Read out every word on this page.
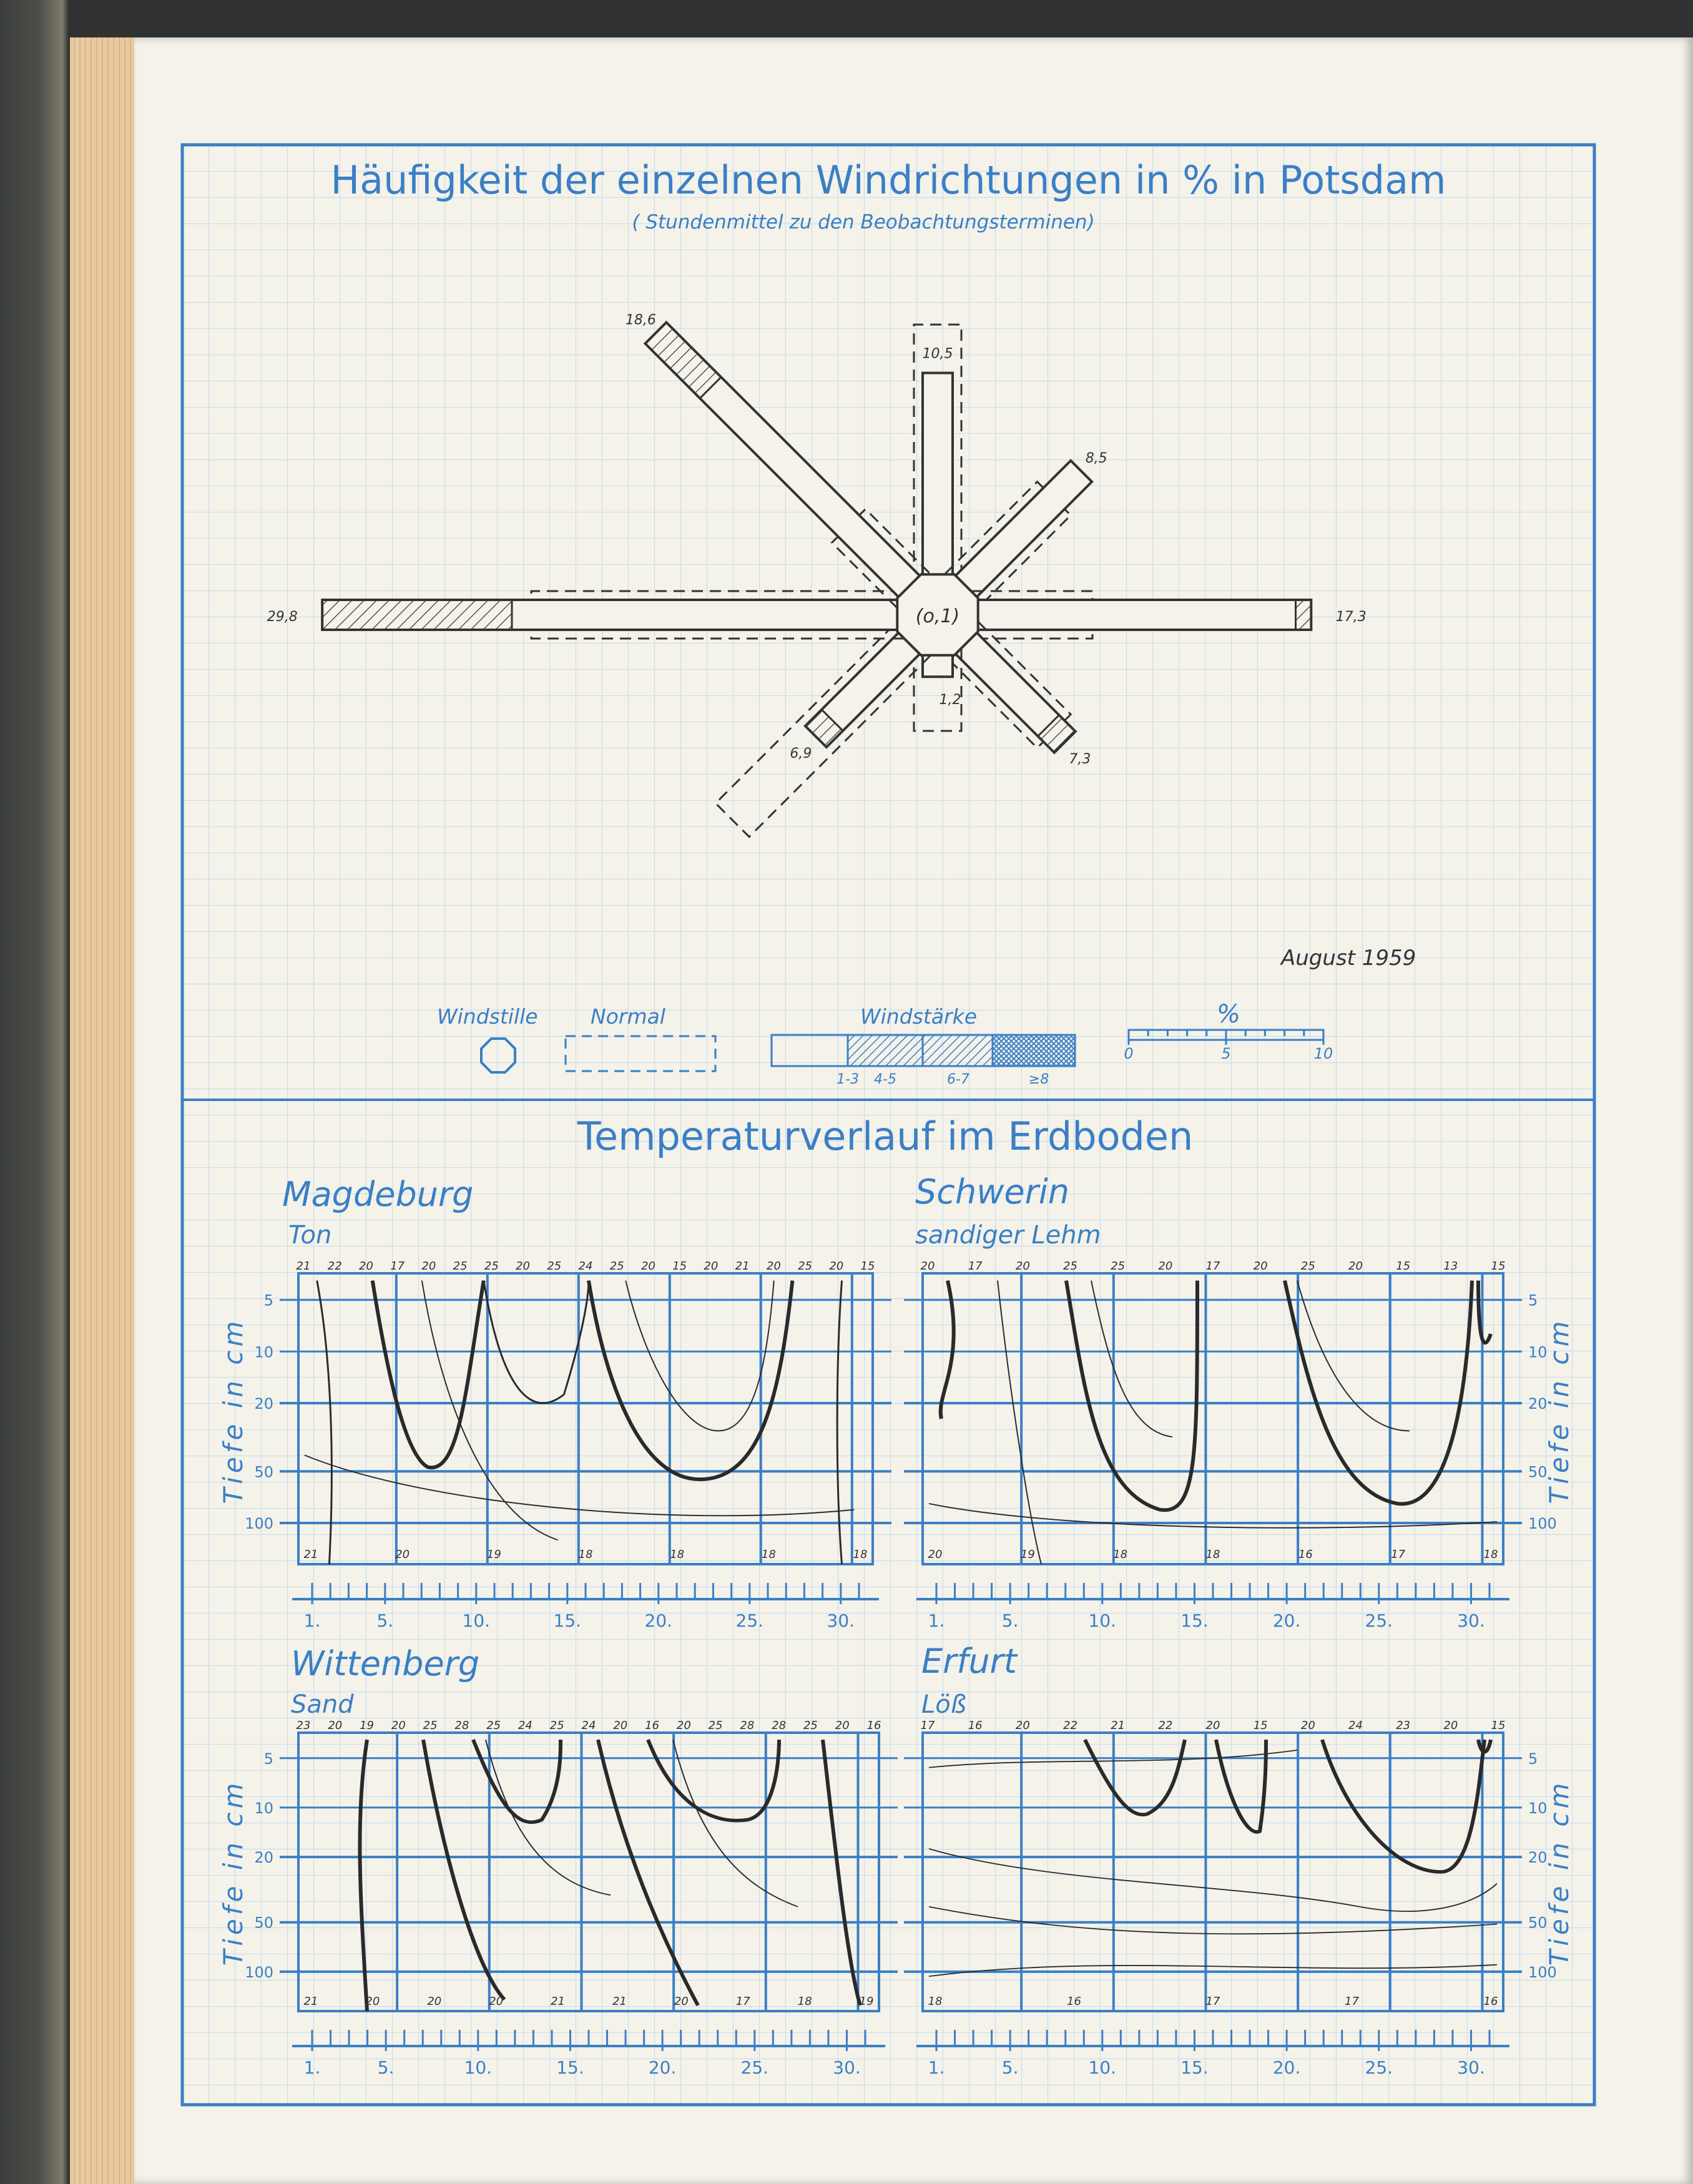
Häufigkeit der einzelnen Windrichtungen in % in Potsdam
( Stundenmittel zu den Beobachtungsterminen)
10,5
8,5
17,3
7,3
1,2
6,9
29,8
18,6
(o,1)
August 1959
Windstille	Normal	Windstärke
1-3 4-5	6-7	≥8
%
0	5	10
Temperaturverlauf im Erdboden
Magdeburg
Ton
5
10
20
50
100
21 22 20 17 20 25 25 20 25 24 25 20 15 20 21 20 25 20 15
21	20	19	18	18	18	18
1.	5.	10.	15.	20.	25.	30.
Schwerin
sandiger Lehm
5
10
20
50
100
20	17	20	25	25	20	17	20	25	20	15	13	15
20	19	18	18	16	17	18
1.	5.	10.	15.	20.	25.	30.
Wittenberg
Sand
5
10
20
50
100
23 20 19 20 25 28 25 24 25 24 20 16 20 25 28 28 25 20 16
21	20	20	20	21	21	20	17	18	19
1.	5.	10.	15.	20.	25.	30.
Erfurt
Löß
5
10
20
50
100
17	16	20	22	21	22	20	15	20	24	23	20	15
18	16	17	17	16
1.	5.	10.	15.	20.	25.	30.
Tiefe in cm	Tiefe in cm
Tiefe in cm	Tiefe in cm
